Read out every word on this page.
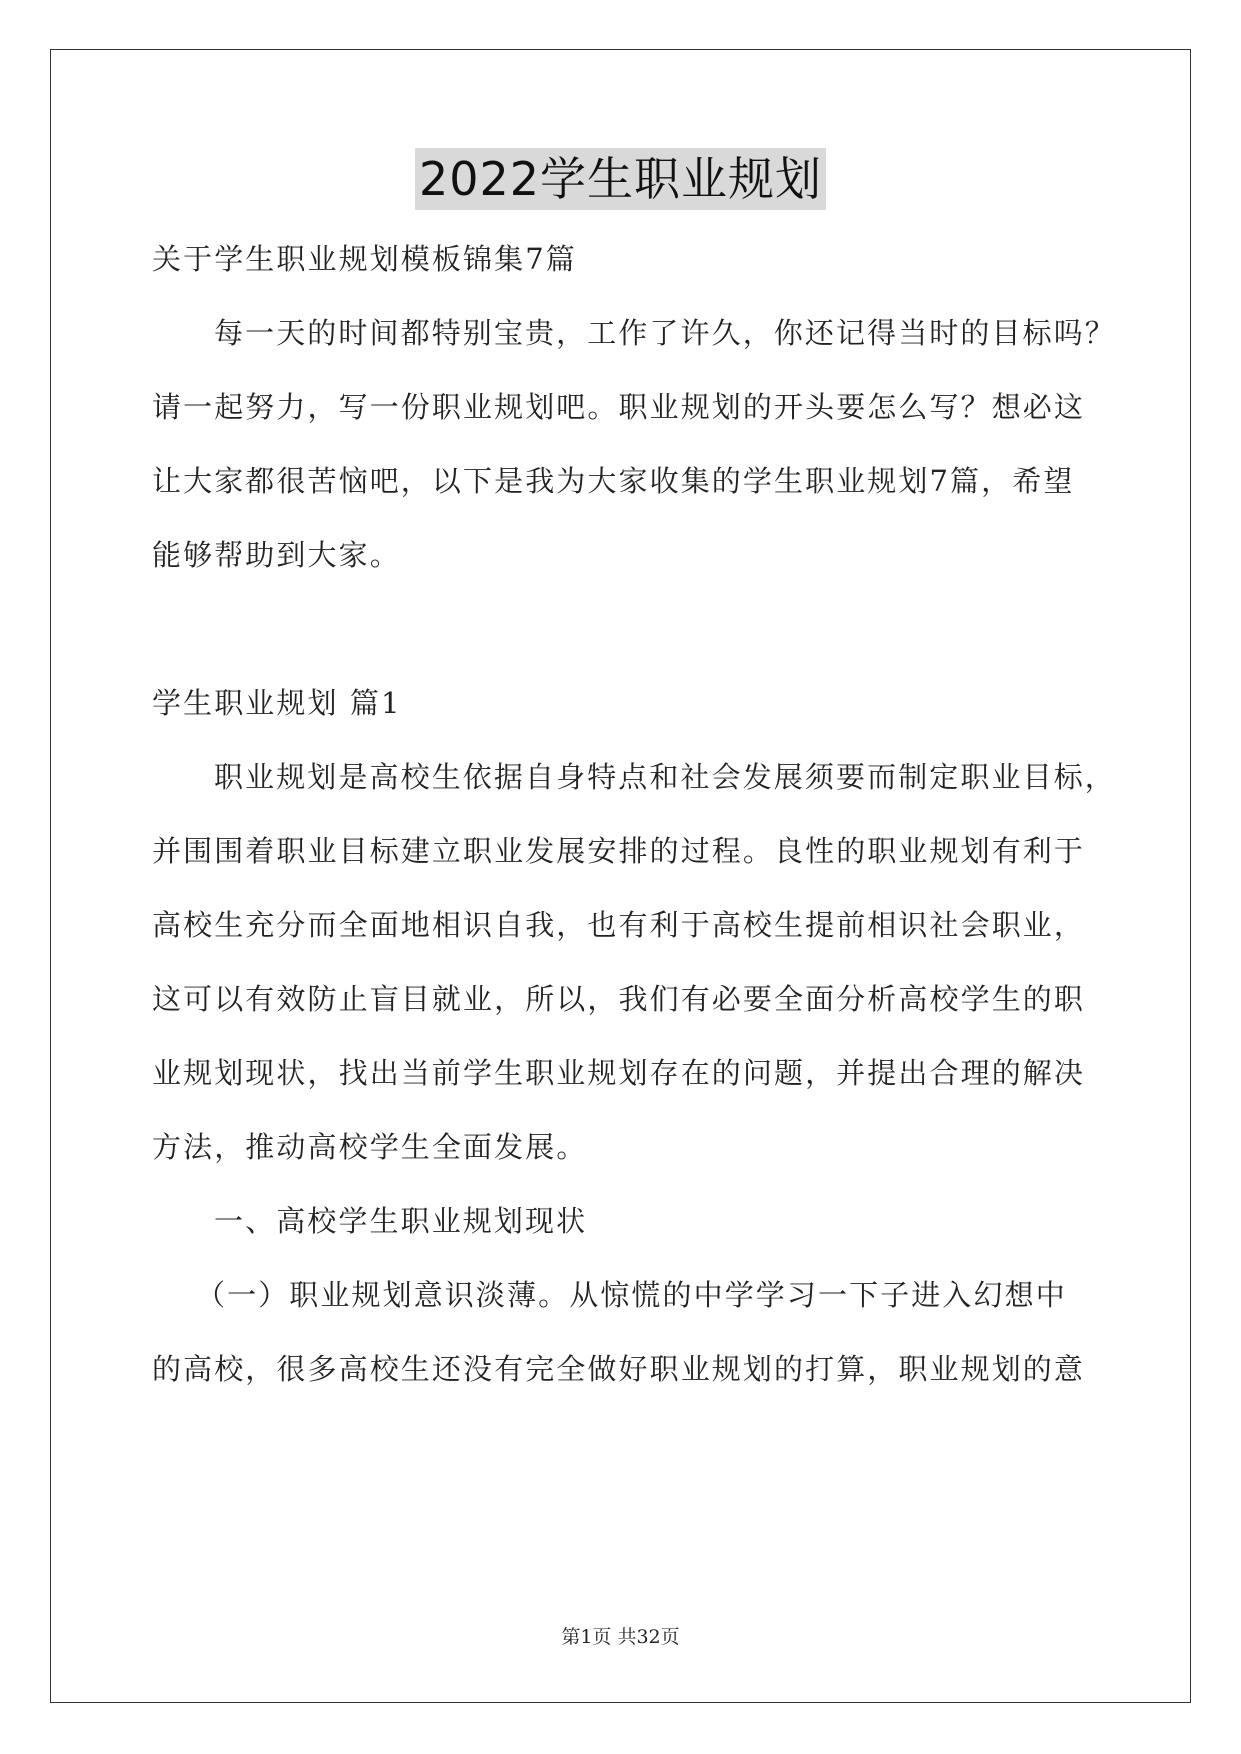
2022学生职业规划
关于学生职业规划模板锦集7篇
每一天的时间都特别宝贵，工作了许久，你还记得当时的目标吗？
请一起努力，写一份职业规划吧。职业规划的开头要怎么写？想必这
让大家都很苦恼吧，以下是我为大家收集的学生职业规划7篇，希望
能够帮助到大家。
学生职业规划 篇1
职业规划是高校生依据自身特点和社会发展须要而制定职业目标，
并围围着职业目标建立职业发展安排的过程。良性的职业规划有利于
高校生充分而全面地相识自我，也有利于高校生提前相识社会职业，
这可以有效防止盲目就业，所以，我们有必要全面分析高校学生的职
业规划现状，找出当前学生职业规划存在的问题，并提出合理的解决
方法，推动高校学生全面发展。
一、高校学生职业规划现状
（一）职业规划意识淡薄。从惊慌的中学学习一下子进入幻想中
的高校，很多高校生还没有完全做好职业规划的打算，职业规划的意
第1页 共32页
